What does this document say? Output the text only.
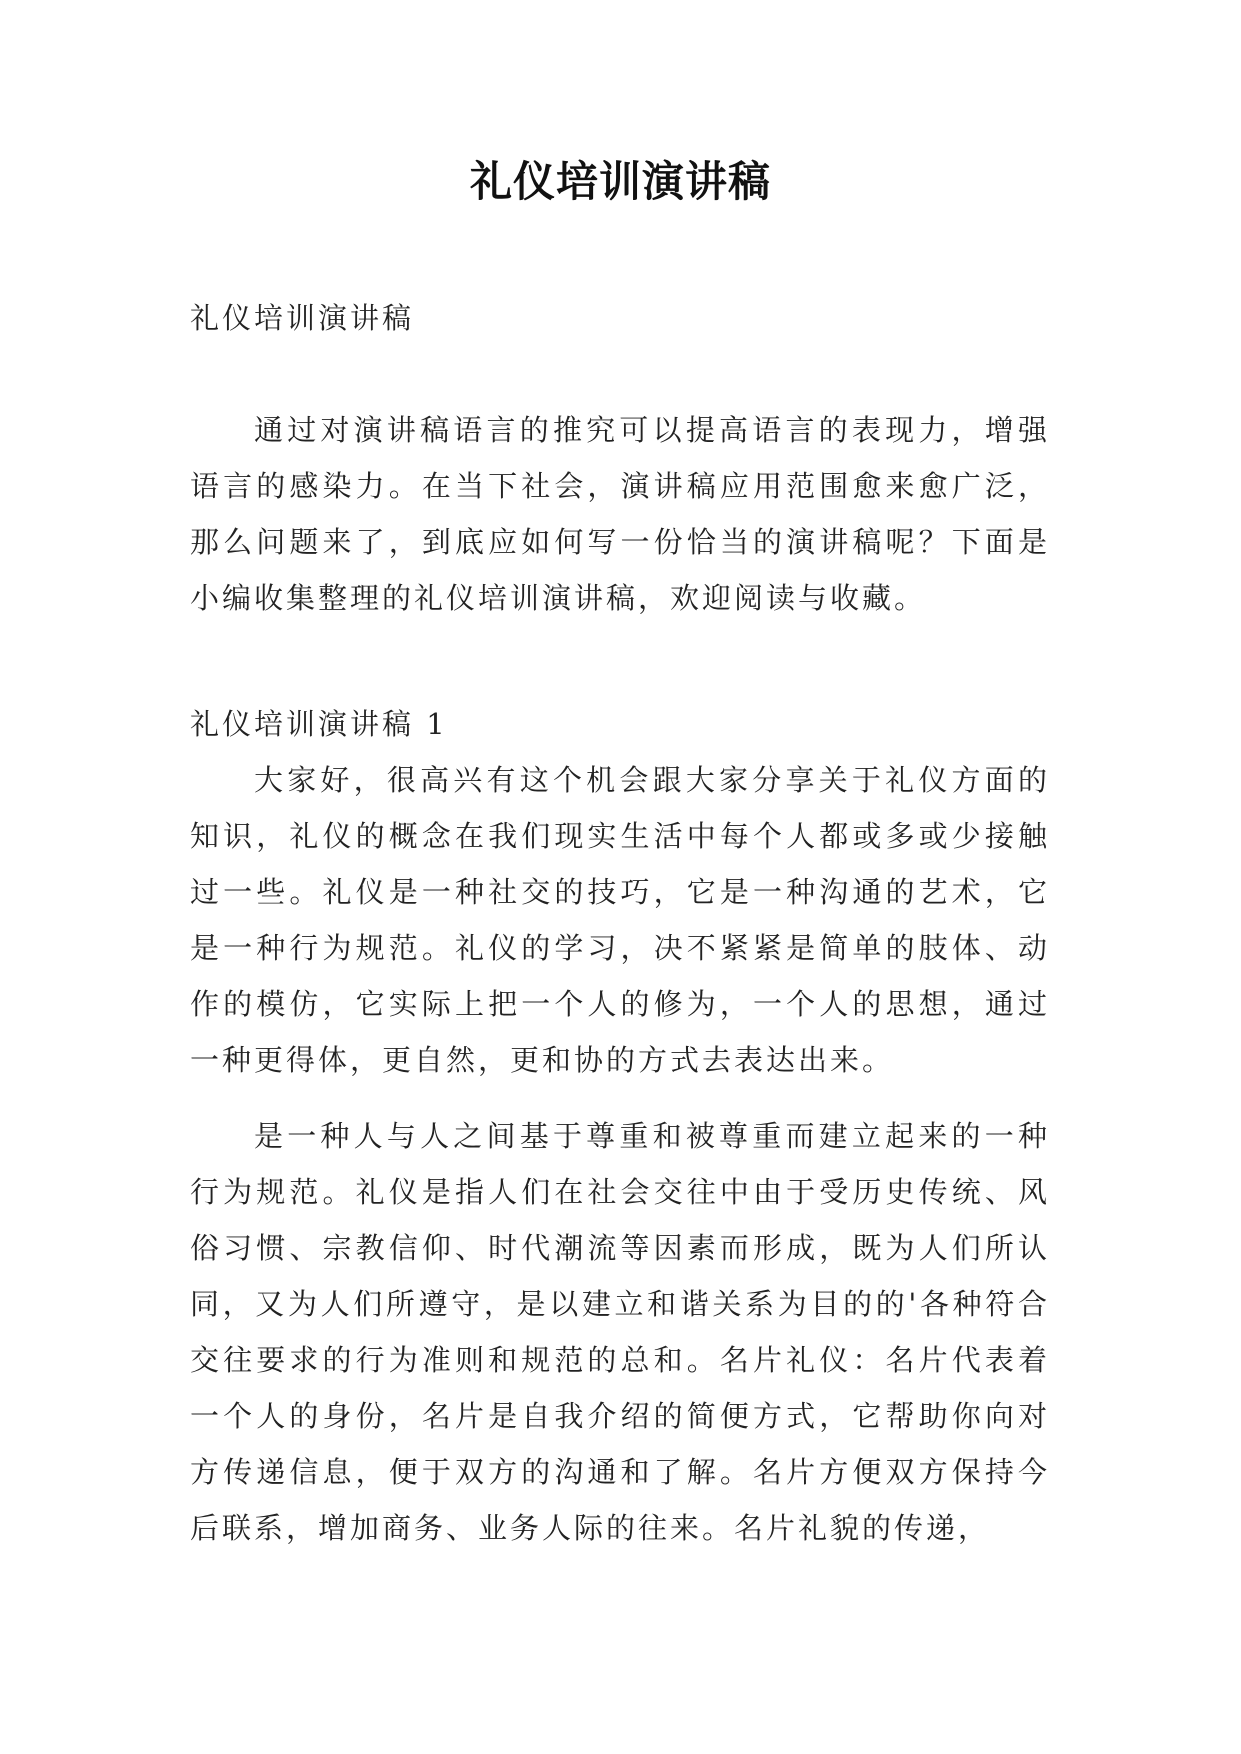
礼仪培训演讲稿
礼仪培训演讲稿

通过对演讲稿语言的推究可以提高语言的表现力，增强语言的感染力。在当下社会，演讲稿应用范围愈来愈广泛，那么问题来了，到底应如何写一份恰当的演讲稿呢？下面是小编收集整理的礼仪培训演讲稿，欢迎阅读与收藏。

礼仪培训演讲稿 1

大家好，很高兴有这个机会跟大家分享关于礼仪方面的知识，礼仪的概念在我们现实生活中每个人都或多或少接触过一些。礼仪是一种社交的技巧，它是一种沟通的艺术，它是一种行为规范。礼仪的学习，决不紧紧是简单的肢体、动作的模仿，它实际上把一个人的修为，一个人的思想，通过一种更得体，更自然，更和协的方式去表达出来。

是一种人与人之间基于尊重和被尊重而建立起来的一种行为规范。礼仪是指人们在社会交往中由于受历史传统、风俗习惯、宗教信仰、时代潮流等因素而形成，既为人们所认同，又为人们所遵守，是以建立和谐关系为目的的'各种符合交往要求的行为准则和规范的总和。名片礼仪：名片代表着一个人的身份，名片是自我介绍的简便方式，它帮助你向对方传递信息，便于双方的沟通和了解。名片方便双方保持今后联系，增加商务、业务人际的往来。名片礼貌的传递，
